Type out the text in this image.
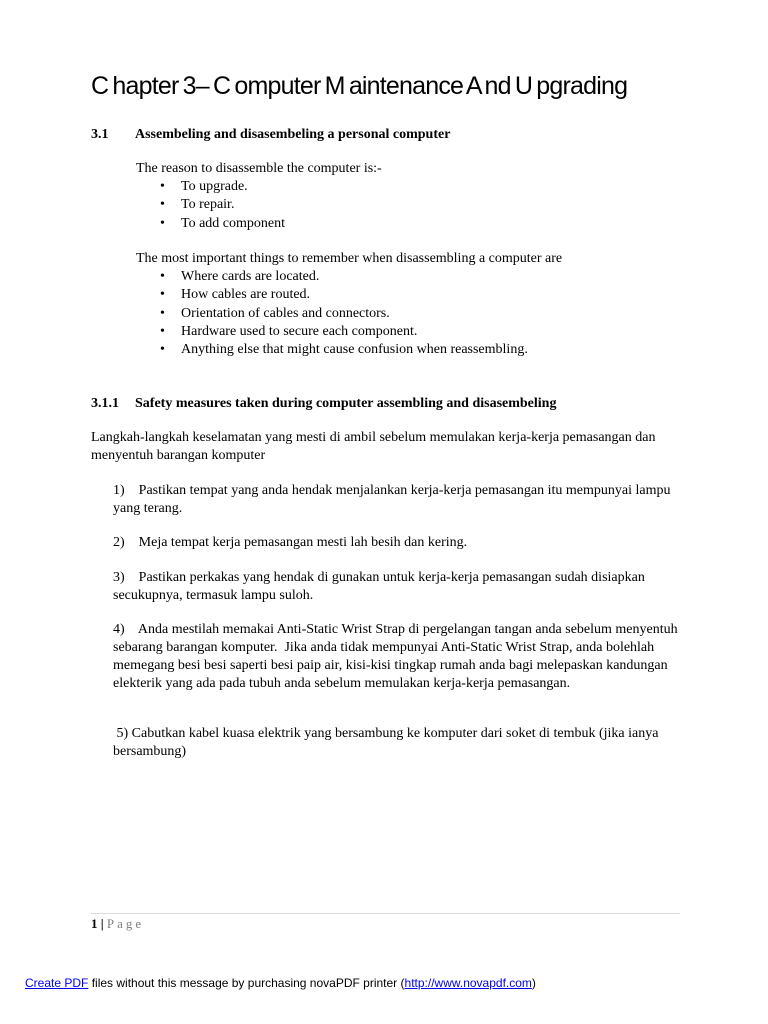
C hapter 3– C omputer M aintenance A nd U pgrading
3.1 Assembeling and disasembeling a personal computer

The reason to disassemble the computer is:-

• To upgrade.
• To repair.
• To add component

The most important things to remember when disassembling a computer are

• Where cards are located.
• How cables are routed.
• Orientation of cables and connectors.
• Hardware used to secure each component.
• Anything else that might cause confusion when reassembling.
3.1.1 Safety measures taken during computer assembling and disasembeling
Langkah-langkah keselamatan yang mesti di ambil sebelum memulakan kerja-kerja pemasangan dan menyentuh barangan komputer
1)    Pastikan tempat yang anda hendak menjalankan kerja-kerja pemasangan itu mempunyai lampu yang terang.
2)    Meja tempat kerja pemasangan mesti lah besih dan kering.
3)    Pastikan perkakas yang hendak di gunakan untuk kerja-kerja pemasangan sudah disiapkan secukupnya, termasuk lampu suloh.
4)    Anda mestilah memakai Anti-Static Wrist Strap di pergelangan tangan anda sebelum menyentuh sebarang barangan komputer.  Jika anda tidak mempunyai Anti-Static Wrist Strap, anda bolehlah memegang besi besi saperti besi paip air, kisi-kisi tingkap rumah anda bagi melepaskan kandungan elekterik yang ada pada tubuh anda sebelum memulakan kerja-kerja pemasangan.
5) Cabutkan kabel kuasa elektrik yang bersambung ke komputer dari soket di tembuk (jika ianya bersambung)
1 | Page
Create PDF files without this message by purchasing novaPDF printer (http://www.novapdf.com)
